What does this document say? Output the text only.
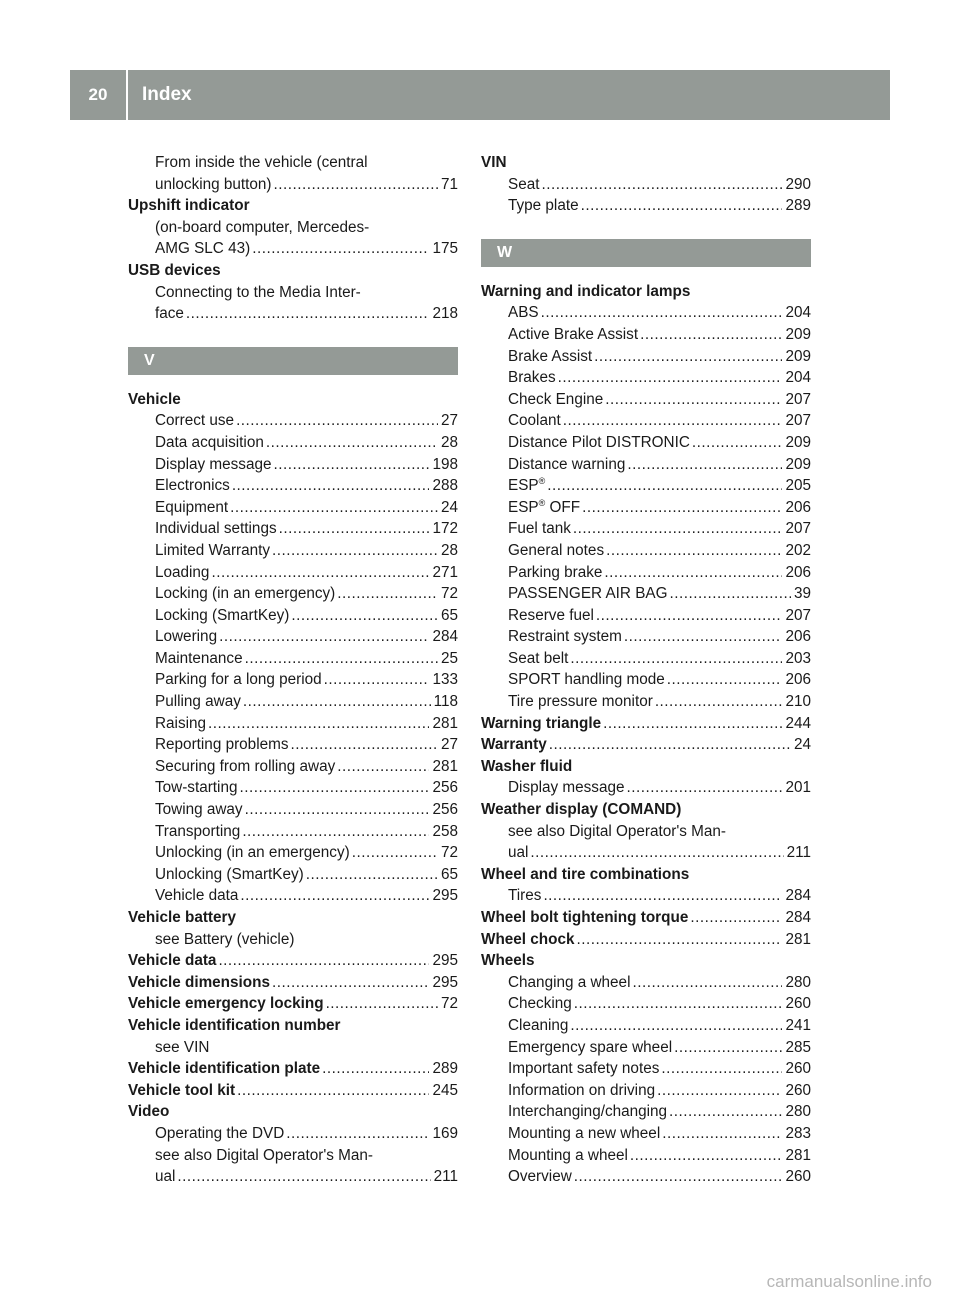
20	Index
From inside the vehicle (central
unlocking button) .....	71
Upshift indicator
(on-board computer, Mercedes-
AMG SLC 43) .....	175
USB devices
Connecting to the Media Inter-
face .....	218
V
Vehicle
Correct use .....	27
Data acquisition .....	28
Display message .....	198
Electronics .....	288
Equipment .....	24
Individual settings .....	172
Limited Warranty .....	28
Loading .....	271
Locking (in an emergency) .....	72
Locking (SmartKey) .....	65
Lowering .....	284
Maintenance .....	25
Parking for a long period .....	133
Pulling away .....	118
Raising .....	281
Reporting problems .....	27
Securing from rolling away .....	281
Tow-starting .....	256
Towing away .....	256
Transporting .....	258
Unlocking (in an emergency) .....	72
Unlocking (SmartKey) .....	65
Vehicle data .....	295
Vehicle battery
see Battery (vehicle)
Vehicle data .....	295
Vehicle dimensions .....	295
Vehicle emergency locking .....	72
Vehicle identification number
see VIN
Vehicle identification plate .....	289
Vehicle tool kit .....	245
Video
Operating the DVD .....	169
see also Digital Operator's Man-
ual .....	211
VIN
Seat .....	290
Type plate .....	289
W
Warning and indicator lamps
ABS .....	204
Active Brake Assist .....	209
Brake Assist .....	209
Brakes .....	204
Check Engine .....	207
Coolant .....	207
Distance Pilot DISTRONIC .....	209
Distance warning .....	209
ESP® .....	205
ESP® OFF .....	206
Fuel tank .....	207
General notes .....	202
Parking brake .....	206
PASSENGER AIR BAG .....	39
Reserve fuel .....	207
Restraint system .....	206
Seat belt .....	203
SPORT handling mode .....	206
Tire pressure monitor .....	210
Warning triangle .....	244
Warranty .....	24
Washer fluid
Display message .....	201
Weather display (COMAND)
see also Digital Operator's Man-
ual .....	211
Wheel and tire combinations
Tires .....	284
Wheel bolt tightening torque .....	284
Wheel chock .....	281
Wheels
Changing a wheel .....	280
Checking .....	260
Cleaning .....	241
Emergency spare wheel .....	285
Important safety notes .....	260
Information on driving .....	260
Interchanging/changing .....	280
Mounting a new wheel .....	283
Mounting a wheel .....	281
Overview .....	260
carmanualsonline.info
